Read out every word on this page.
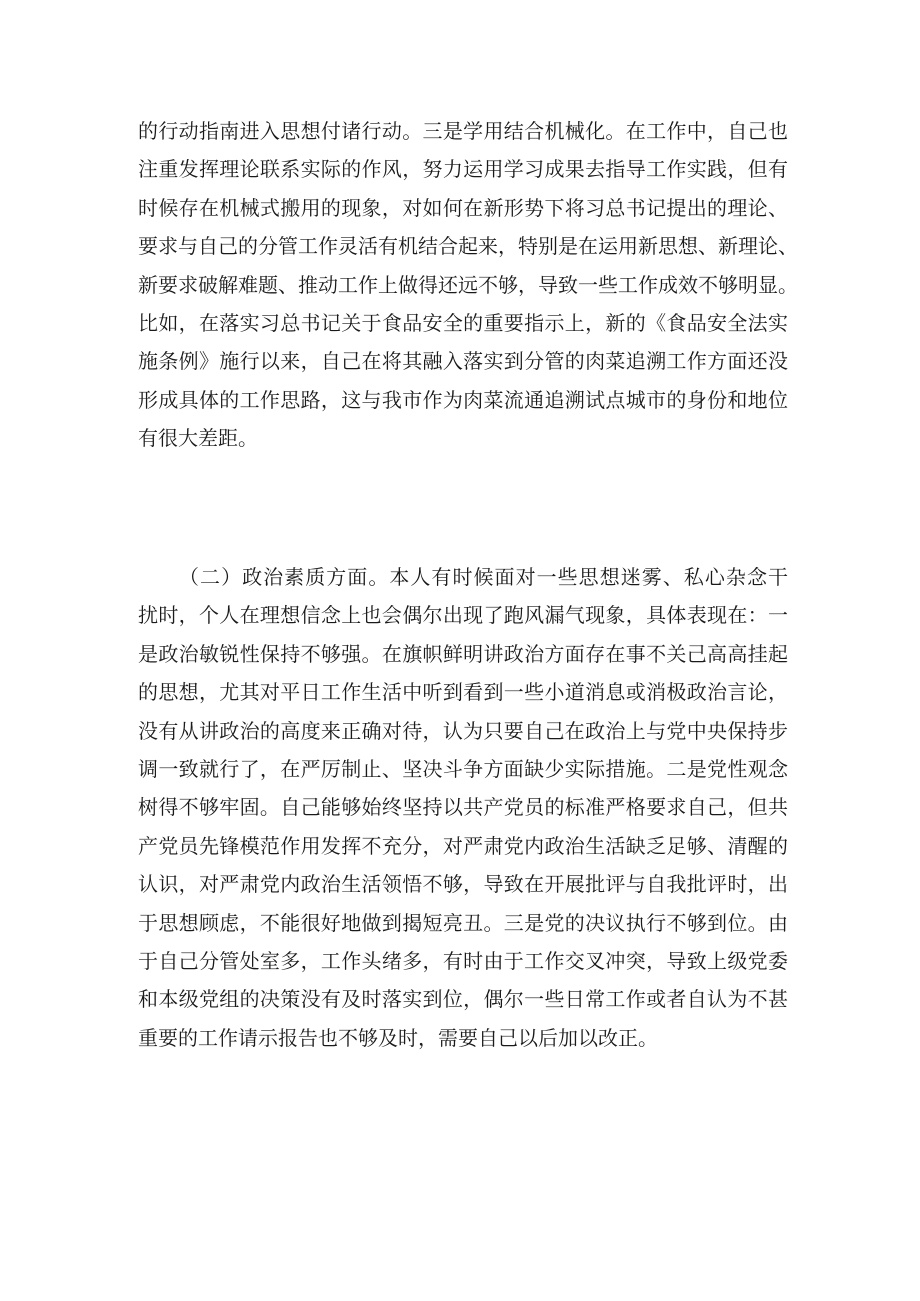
的行动指南进入思想付诸行动。三是学用结合机械化。在工作中，自己也
注重发挥理论联系实际的作风，努力运用学习成果去指导工作实践，但有
时候存在机械式搬用的现象，对如何在新形势下将习总书记提出的理论、
要求与自己的分管工作灵活有机结合起来，特别是在运用新思想、新理论、
新要求破解难题、推动工作上做得还远不够，导致一些工作成效不够明显。
比如，在落实习总书记关于食品安全的重要指示上，新的《食品安全法实
施条例》施行以来，自己在将其融入落实到分管的肉菜追溯工作方面还没
形成具体的工作思路，这与我市作为肉菜流通追溯试点城市的身份和地位
有很大差距。
（二）政治素质方面。本人有时候面对一些思想迷雾、私心杂念干
扰时，个人在理想信念上也会偶尔出现了跑风漏气现象，具体表现在：一
是政治敏锐性保持不够强。在旗帜鲜明讲政治方面存在事不关己高高挂起
的思想，尤其对平日工作生活中听到看到一些小道消息或消极政治言论，
没有从讲政治的高度来正确对待，认为只要自己在政治上与党中央保持步
调一致就行了，在严厉制止、坚决斗争方面缺少实际措施。二是党性观念
树得不够牢固。自己能够始终坚持以共产党员的标准严格要求自己，但共
产党员先锋模范作用发挥不充分，对严肃党内政治生活缺乏足够、清醒的
认识，对严肃党内政治生活领悟不够，导致在开展批评与自我批评时，出
于思想顾虑，不能很好地做到揭短亮丑。三是党的决议执行不够到位。由
于自己分管处室多，工作头绪多，有时由于工作交叉冲突，导致上级党委
和本级党组的决策没有及时落实到位，偶尔一些日常工作或者自认为不甚
重要的工作请示报告也不够及时，需要自己以后加以改正。
